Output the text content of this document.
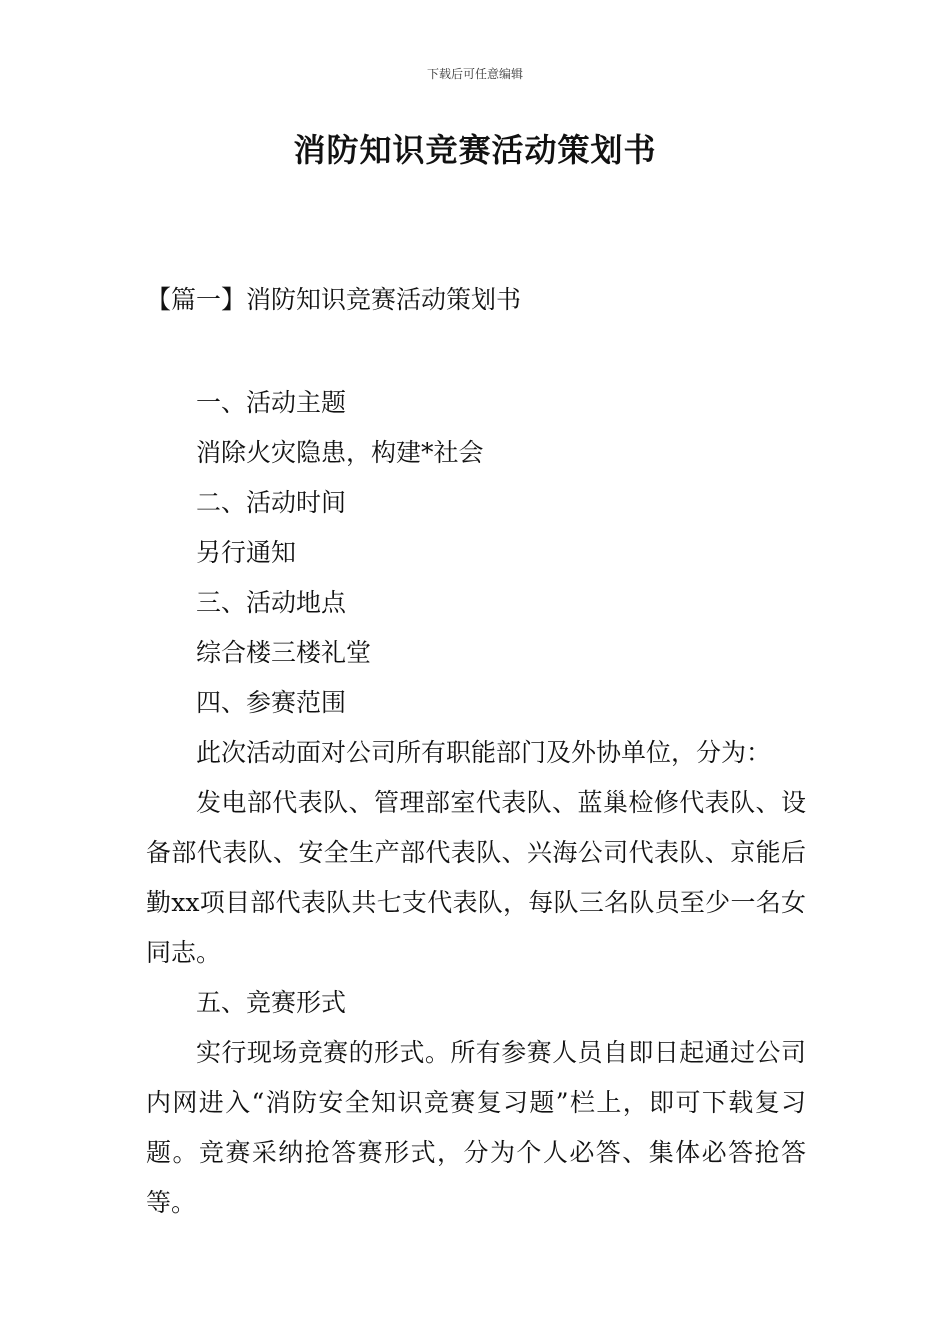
下载后可任意编辑
消防知识竞赛活动策划书
【篇一】消防知识竞赛活动策划书

一、活动主题

消除火灾隐患，构建*社会

二、活动时间

另行通知

三、活动地点

综合楼三楼礼堂

四、参赛范围

此次活动面对公司所有职能部门及外协单位，分为：

发电部代表队、管理部室代表队、蓝巢检修代表队、设备部代表队、安全生产部代表队、兴海公司代表队、京能后勤xx项目部代表队共七支代表队，每队三名队员至少一名女同志。

五、竞赛形式

实行现场竞赛的形式。所有参赛人员自即日起通过公司内网进入“消防安全知识竞赛复习题”栏上，即可下载复习题。竞赛采纳抢答赛形式，分为个人必答、集体必答抢答等。
